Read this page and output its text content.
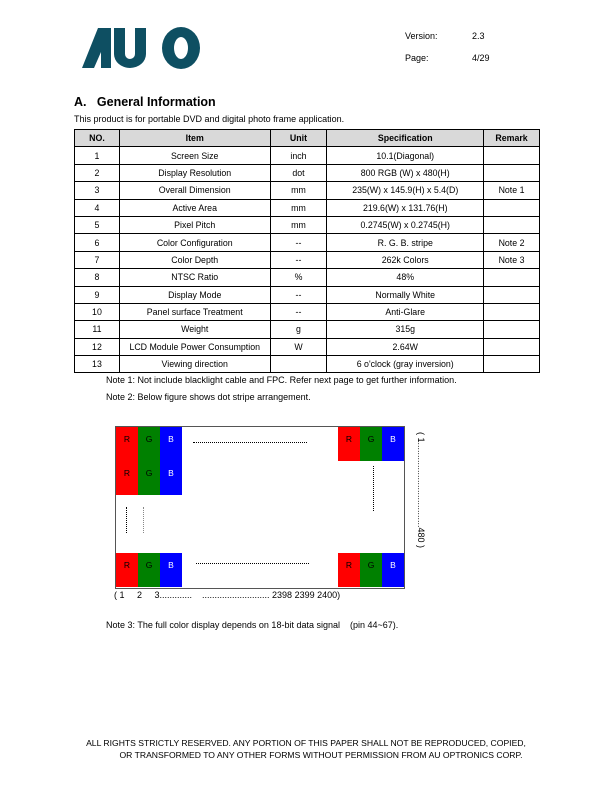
Version:	2.3
Page:	4/29
A.   General Information
This product is for portable DVD and digital photo frame application.
NO.	Item	Unit	Specification	Remark
1	Screen Size	inch	10.1(Diagonal)	
2	Display Resolution	dot	800 RGB (W) x 480(H)	
3	Overall Dimension	mm	235(W) x 145.9(H) x 5.4(D)	Note 1
4	Active Area	mm	219.6(W) x 131.76(H)	
5	Pixel Pitch	mm	0.2745(W) x 0.2745(H)	
6	Color Configuration	--	R. G. B. stripe	Note 2
7	Color Depth	--	262k Colors	Note 3
8	NTSC Ratio	%	48%	
9	Display Mode	--	Normally White	
10	Panel surface Treatment	--	Anti-Glare	
11	Weight	g	315g	
12	LCD Module Power Consumption	W	2.64W	
13	Viewing direction		6 o'clock (gray inversion)	
Note 1: Not include blacklight cable and FPC. Refer next page to get further information.
Note 2: Below figure shows dot stripe arrangement.
R	G	B
R	G	B
R	G	B
R	G	B
R	G	B
( 1     2     3.............    ........................... 2398 2399 2400)
( 1..................................480 )
Note 3: The full color display depends on 18-bit data signal    (pin 44~67).
ALL RIGHTS STRICTLY RESERVED. ANY PORTION OF THIS PAPER SHALL NOT BE REPRODUCED, COPIED,
OR TRANSFORMED TO ANY OTHER FORMS WITHOUT PERMISSION FROM AU OPTRONICS CORP.
